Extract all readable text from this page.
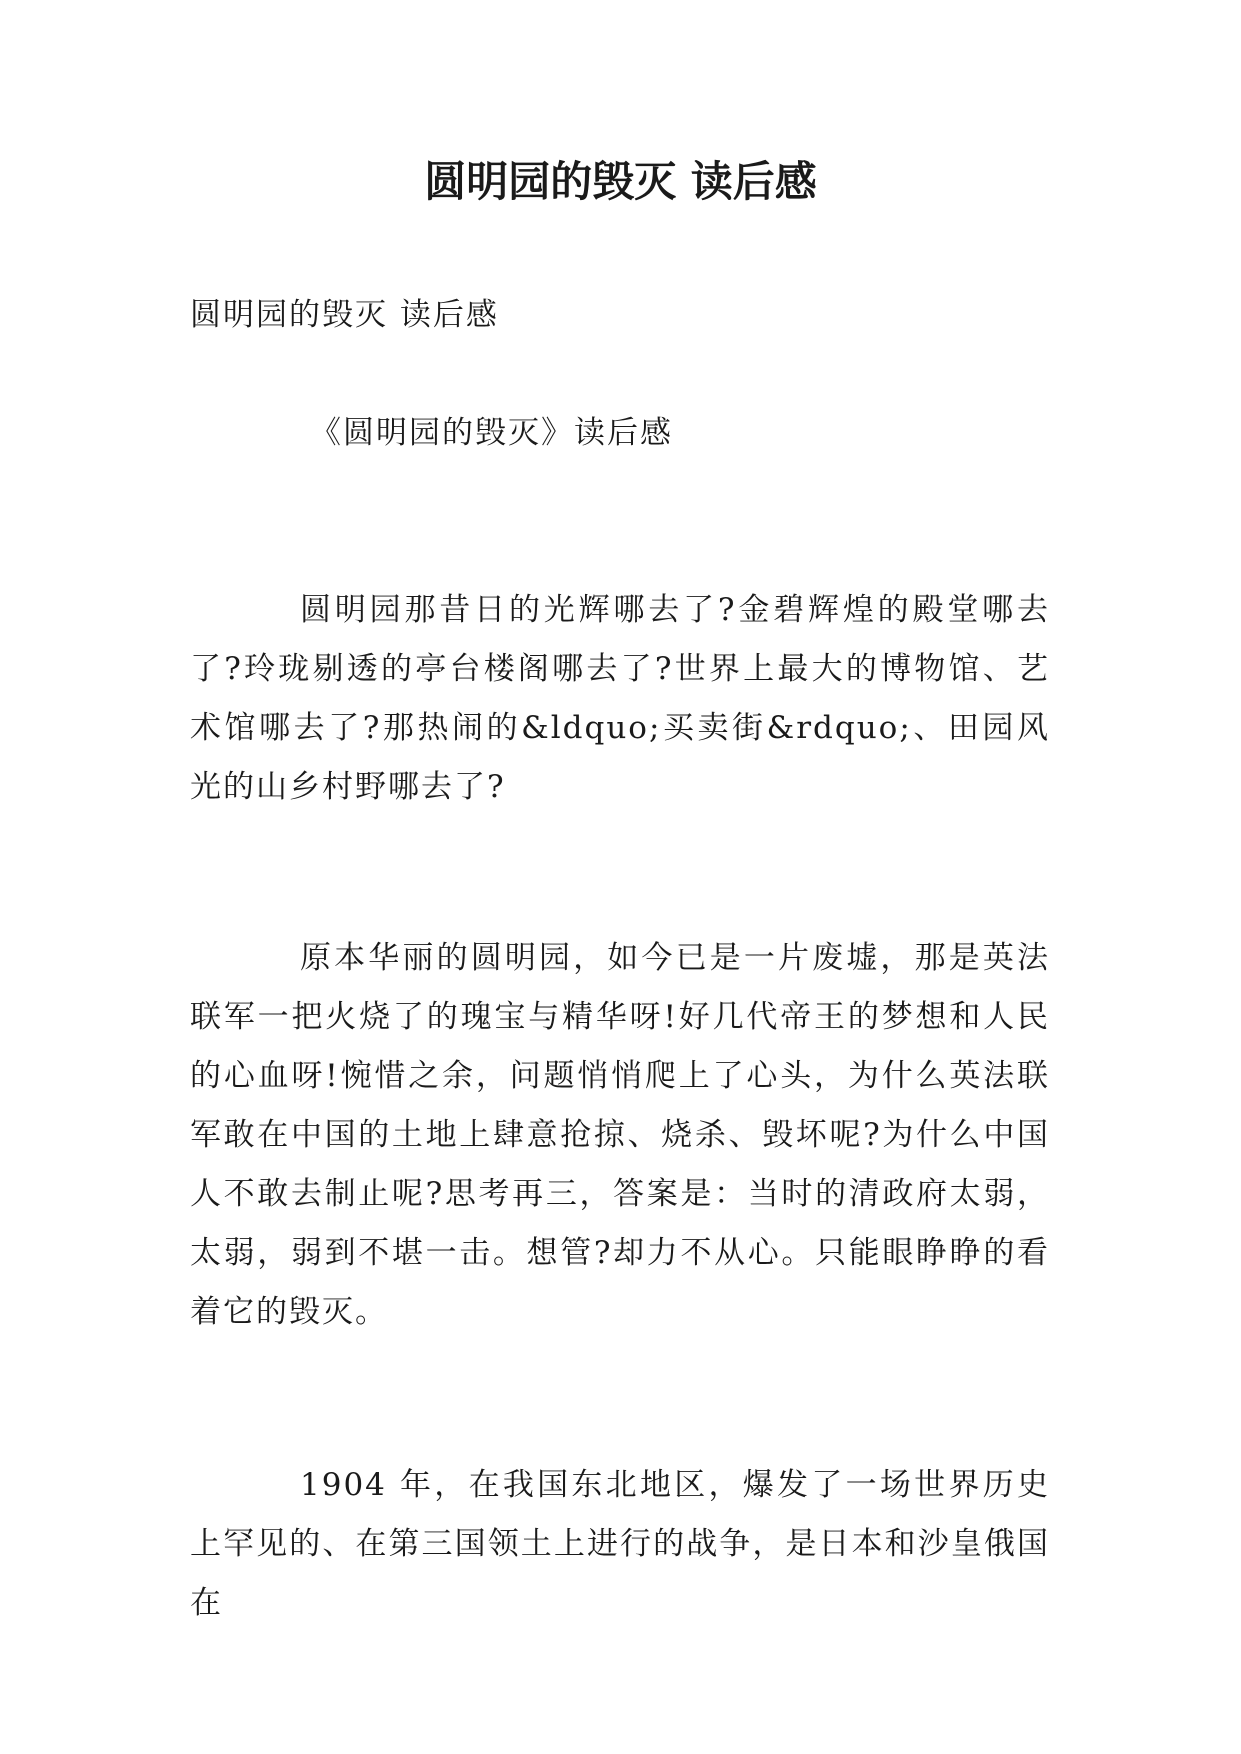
圆明园的毁灭 读后感

圆明园的毁灭 读后感

《圆明园的毁灭》读后感

圆明园那昔日的光辉哪去了?金碧辉煌的殿堂哪去了?玲珑剔透的亭台楼阁哪去了?世界上最大的博物馆、艺术馆哪去了?那热闹的&ldquo;买卖街&rdquo;、田园风光的山乡村野哪去了?

原本华丽的圆明园，如今已是一片废墟，那是英法联军一把火烧了的瑰宝与精华呀!好几代帝王的梦想和人民的心血呀!惋惜之余，问题悄悄爬上了心头，为什么英法联军敢在中国的土地上肆意抢掠、烧杀、毁坏呢?为什么中国人不敢去制止呢?思考再三，答案是：当时的清政府太弱，太弱，弱到不堪一击。想管?却力不从心。只能眼睁睁的看着它的毁灭。

1904 年，在我国东北地区，爆发了一场世界历史上罕见的、在第三国领土上进行的战争，是日本和沙皇俄国在
